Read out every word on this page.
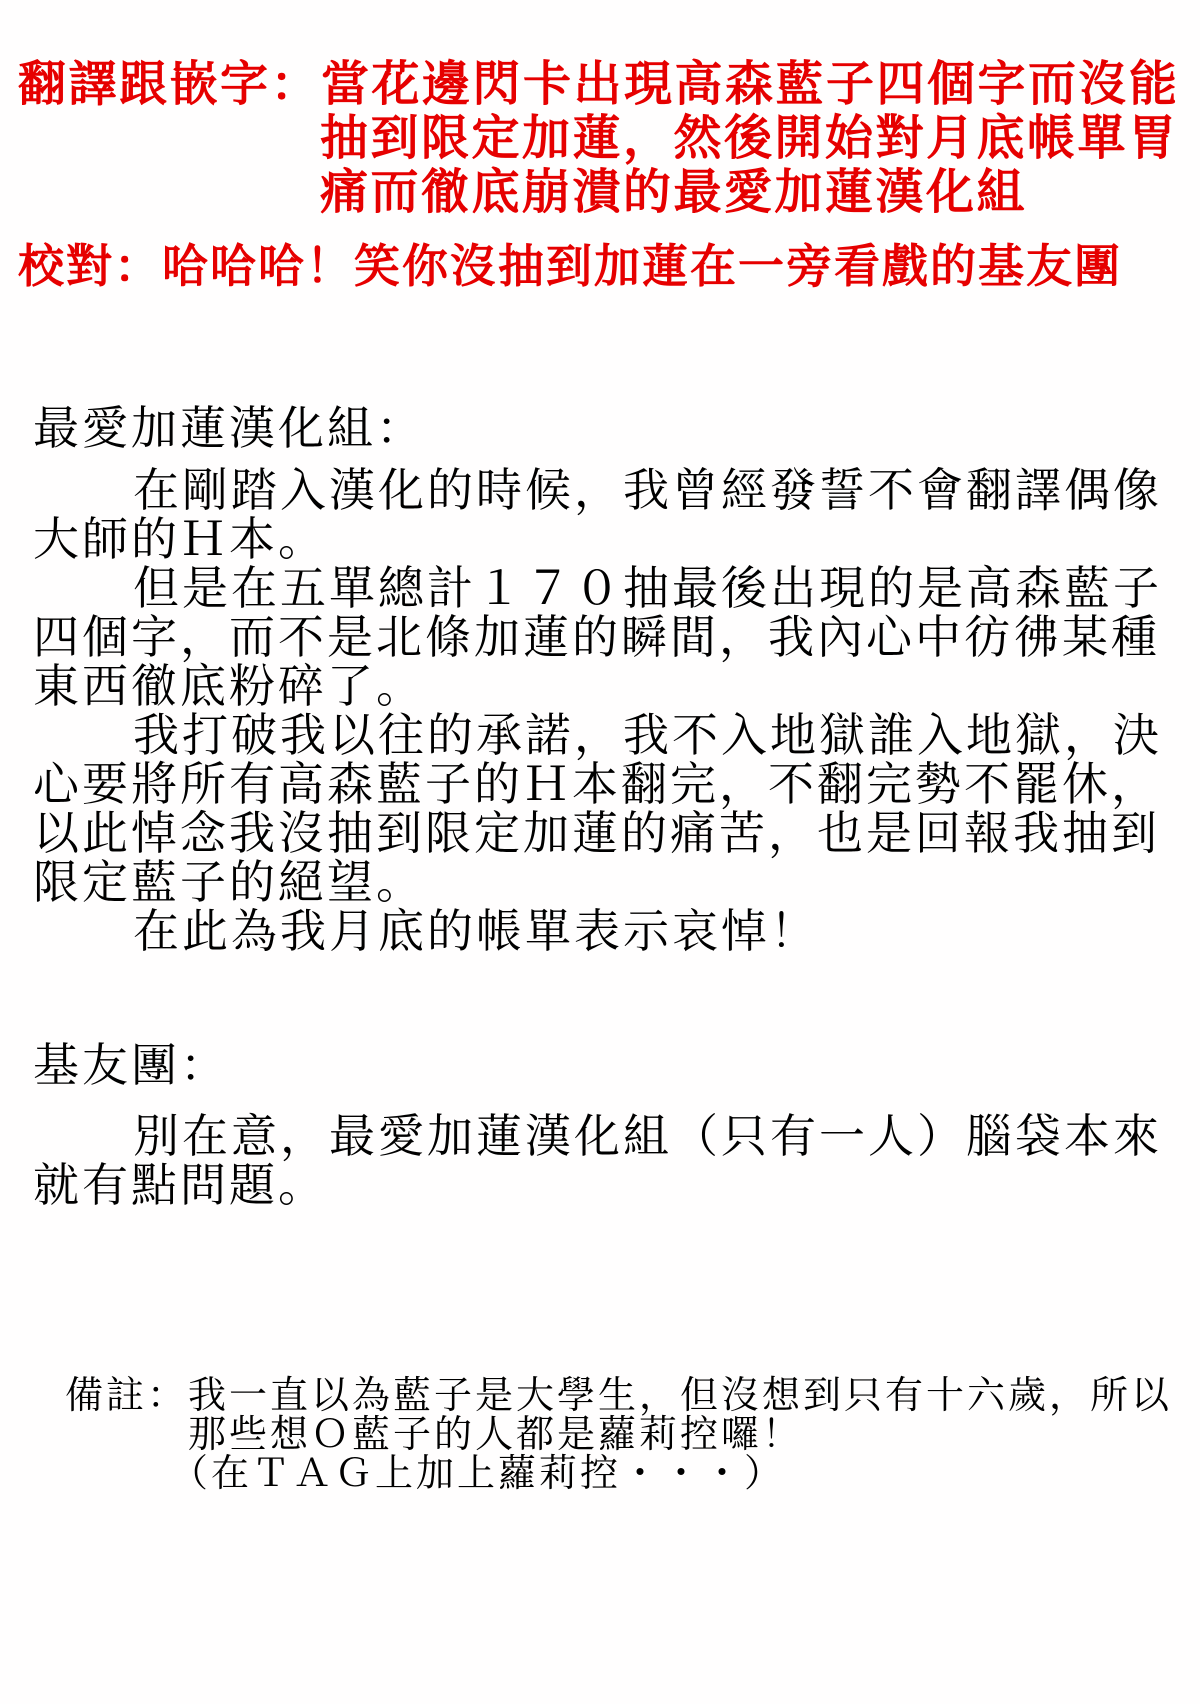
翻譯跟嵌字：當花邊閃卡出現高森藍子四個字而沒能
抽到限定加蓮，然後開始對月底帳單胃
痛而徹底崩潰的最愛加蓮漢化組
校對：哈哈哈！笑你沒抽到加蓮在一旁看戲的基友團
最愛加蓮漢化組：
在剛踏入漢化的時候，我曾經發誓不會翻譯偶像
大師的Ｈ本。
但是在五單總計１７０抽最後出現的是高森藍子
四個字，而不是北條加蓮的瞬間，我內心中彷彿某種
東西徹底粉碎了。
我打破我以往的承諾，我不入地獄誰入地獄，決
心要將所有高森藍子的Ｈ本翻完，不翻完勢不罷休，
以此悼念我沒抽到限定加蓮的痛苦，也是回報我抽到
限定藍子的絕望。
在此為我月底的帳單表示哀悼！
基友團：
別在意，最愛加蓮漢化組（只有一人）腦袋本來
就有點問題。
備註：我一直以為藍子是大學生，但沒想到只有十六歲，所以
那些想Ｏ藍子的人都是蘿莉控囉！
（在ＴＡＧ上加上蘿莉控・・・）
